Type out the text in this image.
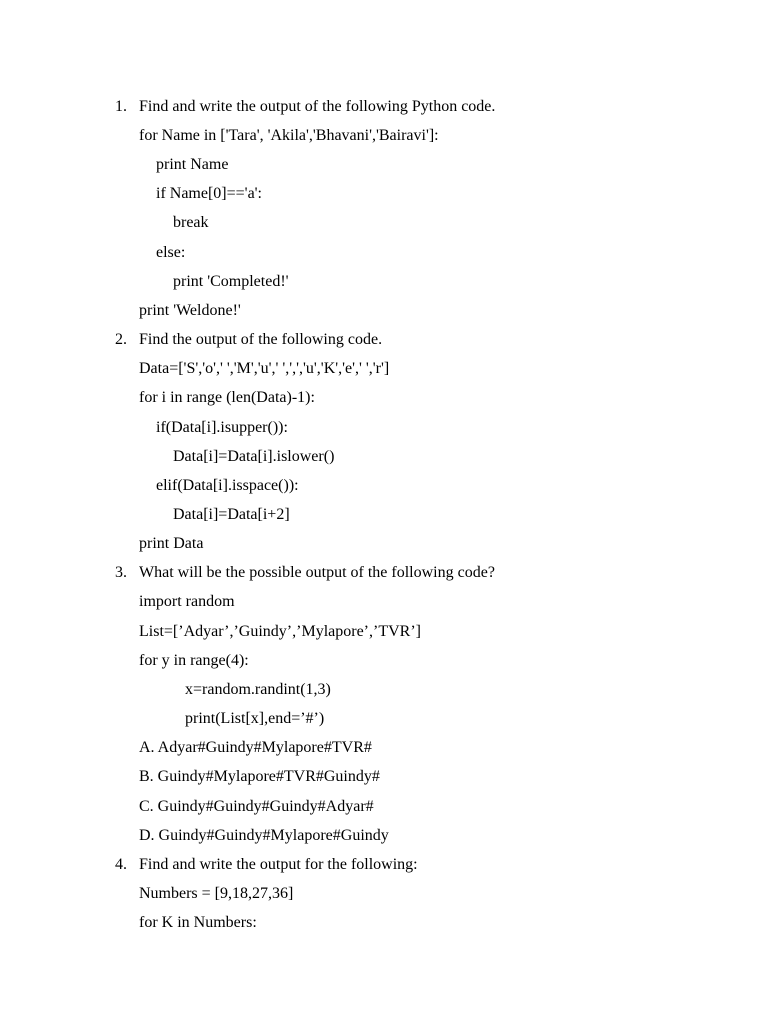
1. Find and write the output of the following Python code.
for Name in ['Tara', 'Akila','Bhavani','Bairavi']:
print Name
if Name[0]=='a':
break
else:
print 'Completed!'
print 'Weldone!'
2. Find the output of the following code.
Data=['S','o',' ','M','u',' ',',','u','K','e',' ','r']
for i in range (len(Data)-1):
if(Data[i].isupper()):
Data[i]=Data[i].islower()
elif(Data[i].isspace()):
Data[i]=Data[i+2]
print Data
3. What will be the possible output of the following code?
import random
List=[’Adyar’,’Guindy’,’Mylapore’,’TVR’]
for y in range(4):
x=random.randint(1,3)
print(List[x],end=’#’)
A. Adyar#Guindy#Mylapore#TVR#
B. Guindy#Mylapore#TVR#Guindy#
C. Guindy#Guindy#Guindy#Adyar#
D. Guindy#Guindy#Mylapore#Guindy
4. Find and write the output for the following:
Numbers = [9,18,27,36]
for K in Numbers:
